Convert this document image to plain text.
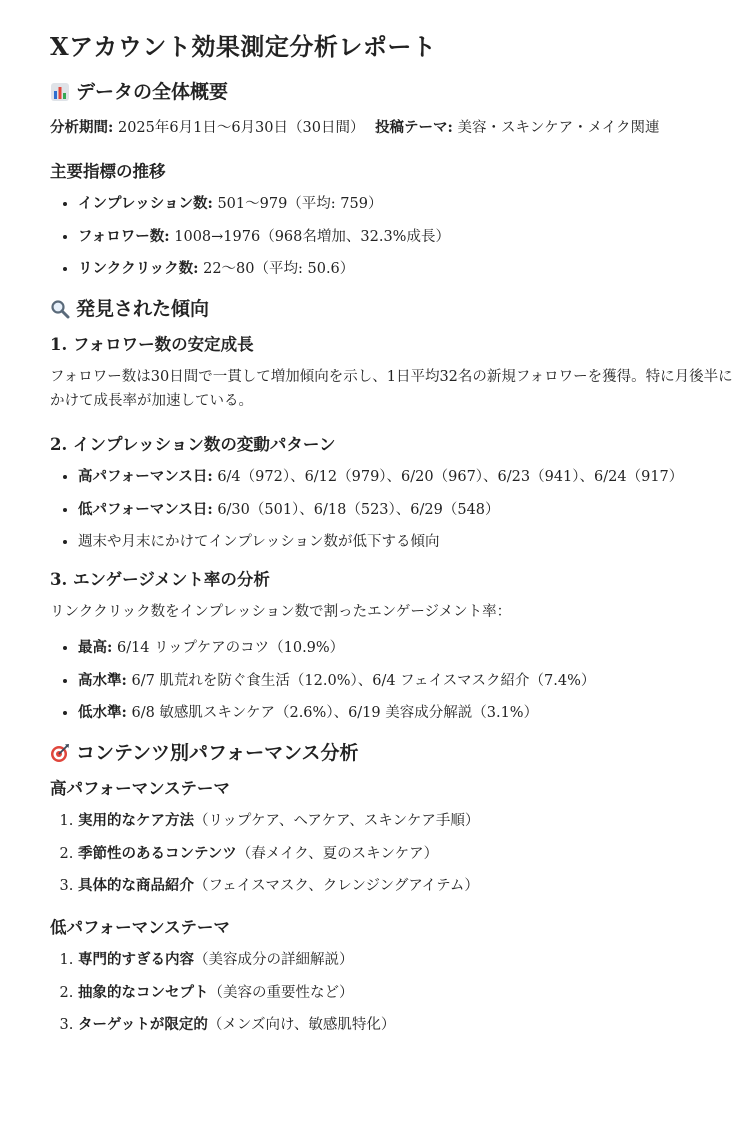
Xアカウント効果測定分析レポート
データの全体概要
分析期間: 2025年6月1日〜6月30日（30日間） 投稿テーマ: 美容・スキンケア・メイク関連
主要指標の推移
• インプレッション数: 501〜979（平均: 759）
• フォロワー数: 1008→1976（968名増加、32.3%成長）
• リンククリック数: 22〜80（平均: 50.6）
発見された傾向
1. フォロワー数の安定成長

フォロワー数は30日間で一貫して増加傾向を示し、1日平均32名の新規フォロワーを獲得。特に月後半にかけて成長率が加速している。

2. インプレッション数の変動パターン
• 高パフォーマンス日: 6/4（972）、6/12（979）、6/20（967）、6/23（941）、6/24（917）
• 低パフォーマンス日: 6/30（501）、6/18（523）、6/29（548）
• 週末や月末にかけてインプレッション数が低下する傾向
3. エンゲージメント率の分析

リンククリック数をインプレッション数で割ったエンゲージメント率：

• 最高: 6/14 リップケアのコツ（10.9%）
• 高水準: 6/7 肌荒れを防ぐ食生活（12.0%）、6/4 フェイスマスク紹介（7.4%）
• 低水準: 6/8 敏感肌スキンケア（2.6%）、6/19 美容成分解説（3.1%）
コンテンツ別パフォーマンス分析
高パフォーマンステーマ
1. 実用的なケア方法（リップケア、ヘアケア、スキンケア手順）
2. 季節性のあるコンテンツ（春メイク、夏のスキンケア）
3. 具体的な商品紹介（フェイスマスク、クレンジングアイテム）
低パフォーマンステーマ
1. 専門的すぎる内容（美容成分の詳細解説）
2. 抽象的なコンセプト（美容の重要性など）
3. ターゲットが限定的（メンズ向け、敏感肌特化）
